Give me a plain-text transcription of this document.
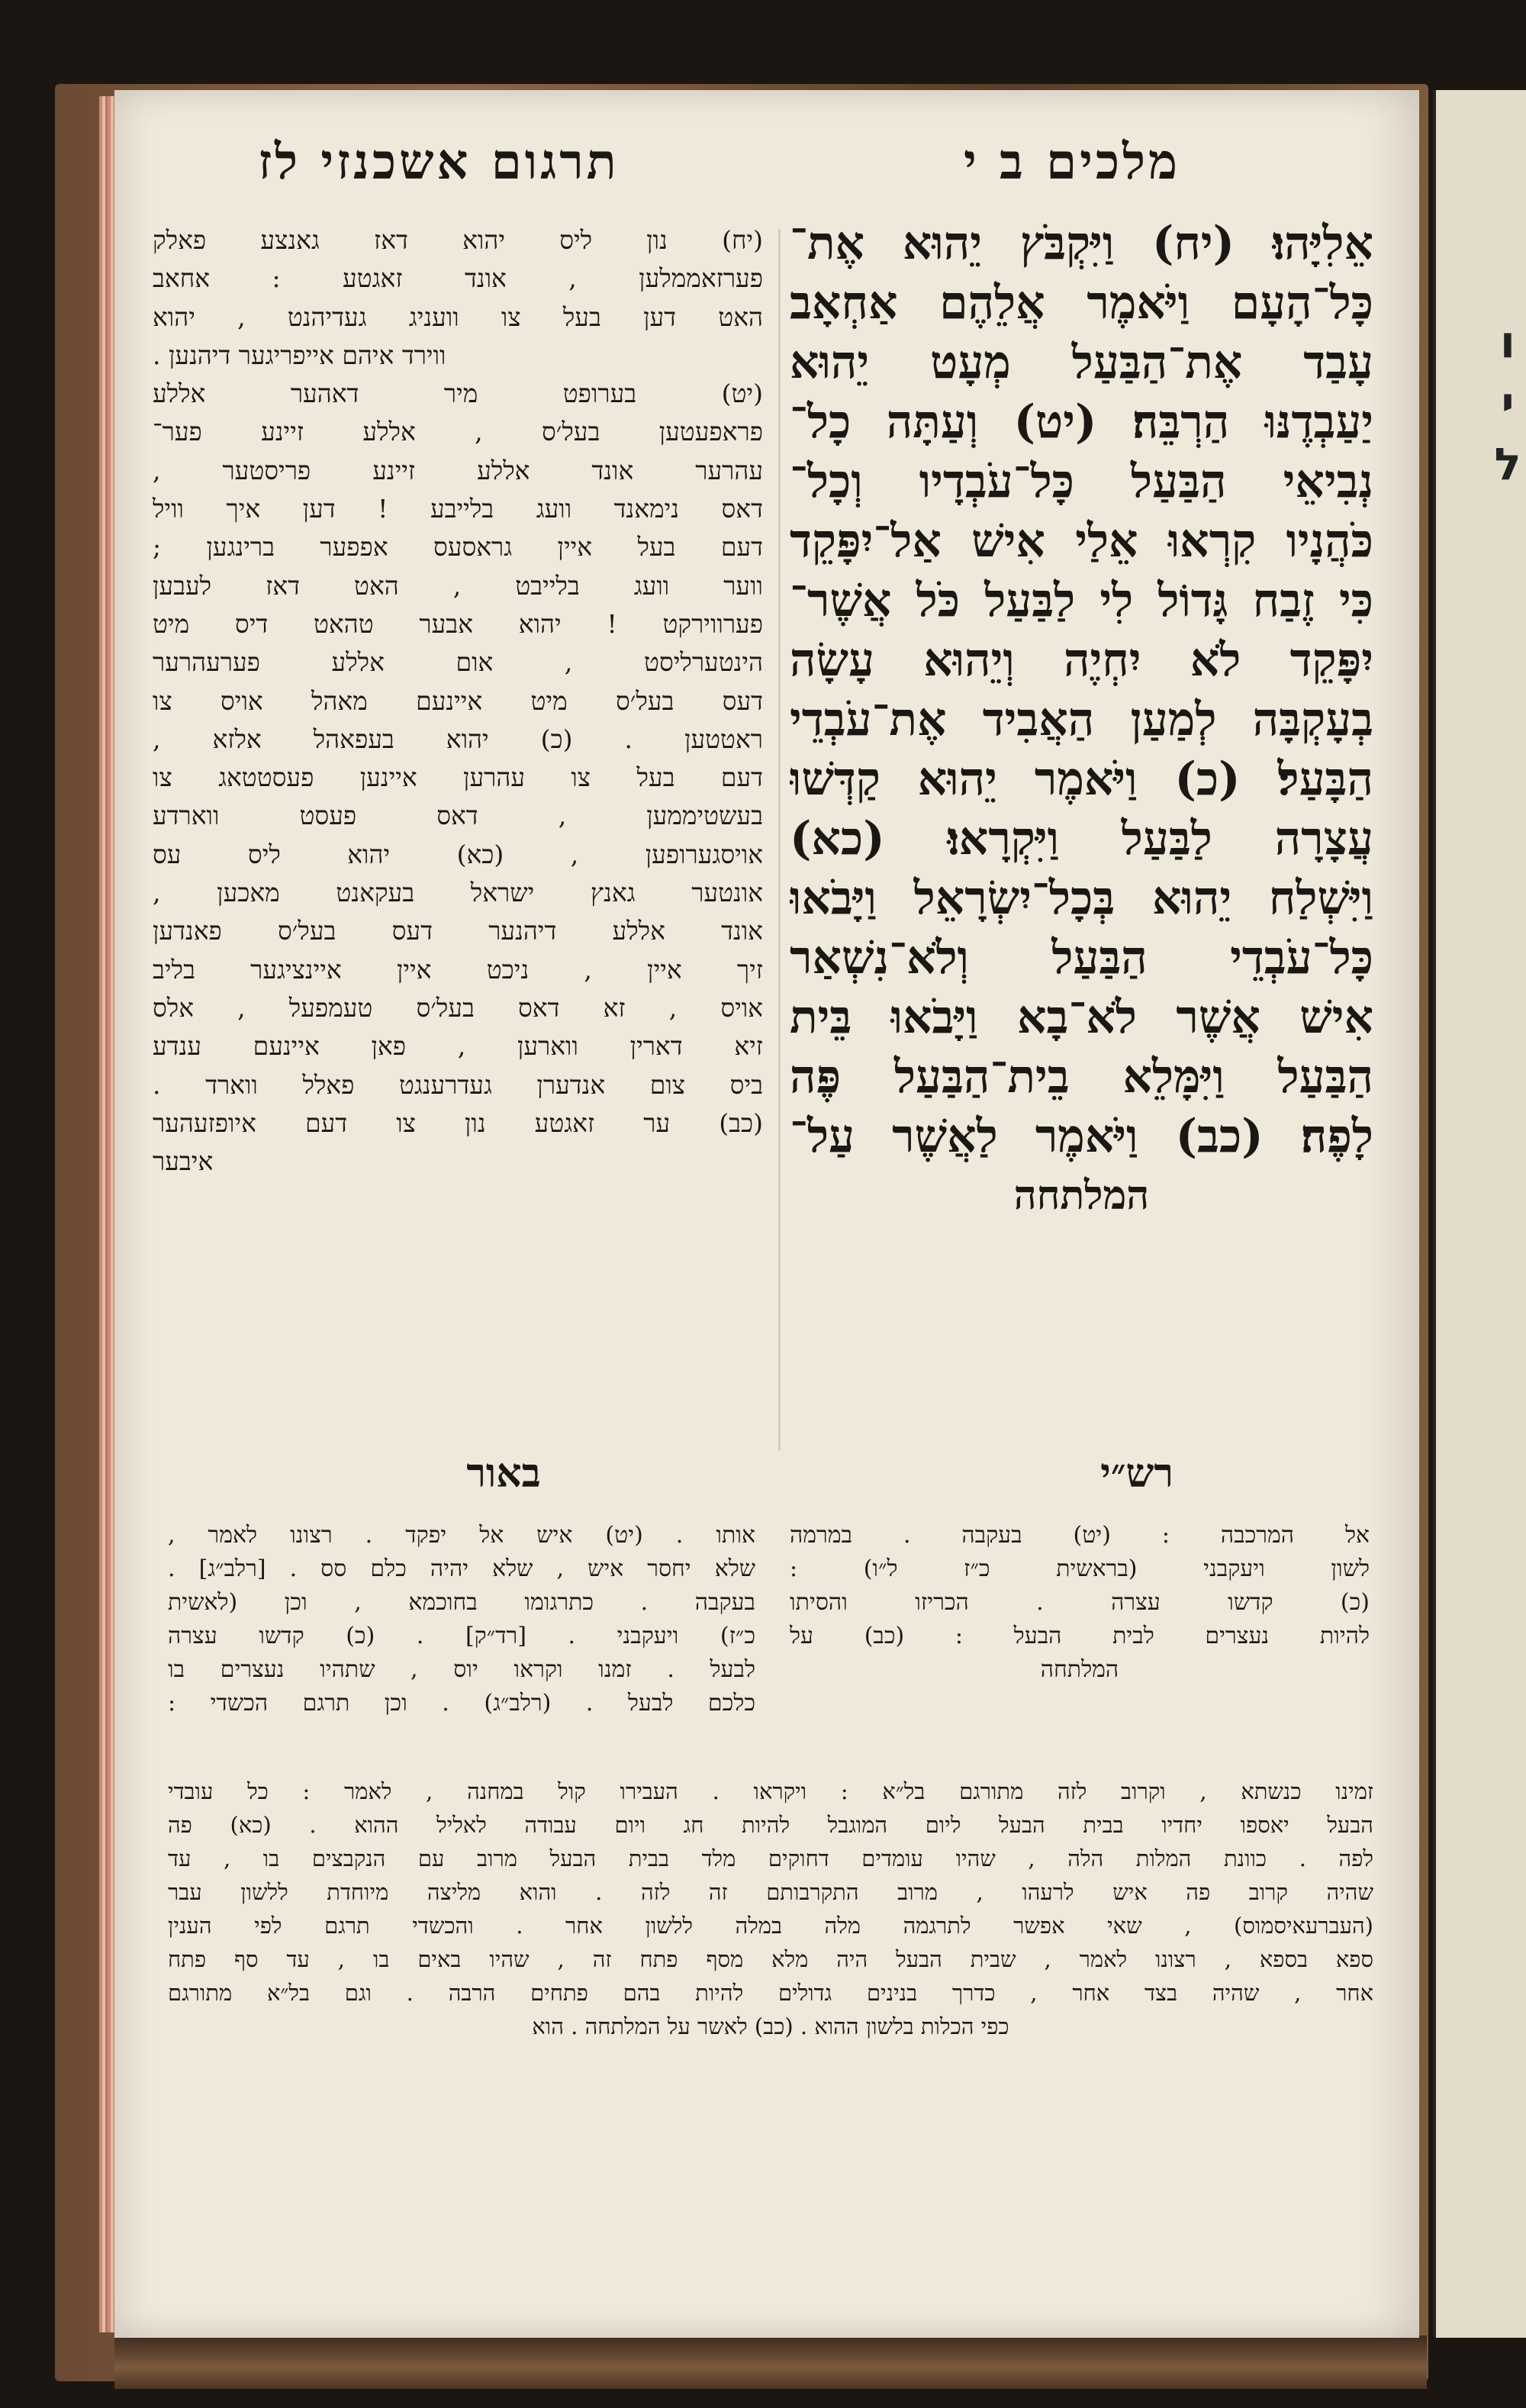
ו
י
ל
תרגום אשכנזי לז	מלכים ב י

אֵלִיָּהוּ׃ (יח) וַיִּקְבֹּץ יֵהוּא אֶת־

כָּל־הָעָם וַיֹּאמֶר אֲלֵהֶם אַחְאָב

עָבַד אֶת־הַבַּעַל מְעָט יֵהוּא

יַעַבְדֶנּוּ הַרְבֵּה׃ (יט) וְעַתָּה כָל־

נְבִיאֵי הַבַּעַל כָּל־עֹבְדָיו וְכָל־

כֹּהֲנָיו קִרְאוּ אֵלַי אִישׁ אַל־יִפָּקֵד

כִּי זֶבַח גָּדוֹל לִי לַבַּעַל כֹּל אֲשֶׁר־

יִפָּקֵד לֹא יִחְיֶה וְיֵהוּא עָשָׂה

בְעָקְבָּה לְמַעַן הַאֲבִיד אֶת־עֹבְדֵי

הַבָּעַל׃ (כ) וַיֹּאמֶר יֵהוּא קַדְּשׁוּ

עֲצָרָה לַבַּעַל וַיִּקְרָאוּ׃ (כא)

וַיִּשְׁלַח יֵהוּא בְּכָל־יִשְׂרָאֵל וַיָּבֹאוּ

כָּל־עֹבְדֵי הַבַּעַל וְלֹא־נִשְׁאַר

אִישׁ אֲשֶׁר לֹא־בָא וַיָּבֹאוּ בֵּית

הַבַּעַל וַיִּמָּלֵא בֵית־הַבַּעַל פֶּה

לָפֶה׃ (כב) וַיֹּאמֶר לַאֲשֶׁר עַל־

המלתחה

(יח) נון ליס יהוא דאז גאנצע פאלק

פערזאממלען , אונד זאגטע : אחאב

האט דען בעל צו וועניג געדיהנט , יהוא

ווירד איהם אייפריגער דיהנען .

(יט) בערופט מיר דאהער אללע

פראפעטען בעל׳ס , אללע זיינע פער־

עהרער אונד אללע זיינע פריסטער ,

דאס נימאנד וועג בלייבע ! דען איך וויל

דעם בעל איין גראסעס אפפער ברינגען ;

ווער וועג בלייבט , האט דאז לעבען

פערווירקט ! יהוא אבער טהאט דיס מיט

הינטערליסט , אום אללע פערעהרער

דעס בעל׳ס מיט איינעם מאהל אויס צו

ראטטען . (כ) יהוא בעפאהל אלזא ,

דעם בעל צו עהרען איינען פעסטטאג צו

בעשטיממען , דאס פעסט ווארדע

אויסגערופען , (כא) יהוא ליס עס

אונטער גאנץ ישראל בעקאנט מאכען ,

אונד אללע דיהנער דעס בעל׳ס פאנדען

זיך איין , ניכט איין איינציגער בליב

אויס , זא דאס בעל׳ס טעמפעל , אלס

זיא דארין ווארען , פאן איינעם ענדע

ביס צום אנדערן געדרענגט פאלל ווארד .

(כב) ער זאגטע נון צו דעם איופזעהער

איבער

באור	רש״י

אותו . (יט) איש אל יפקד . רצונו לאמר ,

שלא יחסר איש , שלא יהיה כלם סס . [רלב״ג] .

בעקבה . כתרגומו בחוכמא , וכן (לאשית

כ״ז) ויעקבני . [רד״ק] . (כ) קדשו עצרה

לבעל . זמנו וקראו יוס , שתהיו נעצרים בו

כלכם לבעל . (רלב״ג) . וכן תרגם הכשדי :

אל המרכבה : (יט) בעקבה . במרמה

לשון ויעקבני (בראשית כ״ז ל״ו) :

(כ) קדשו עצרה . הכריזו והסיתו

להיות נעצרים לבית הבעל : (כב) על

המלתחה

זמינו כנשתא , וקרוב לזה מתורגם בל״א : ויקראו . העבירו קול במחנה , לאמר : כל עובדי

הבעל יאספו יחדיו בבית הבעל ליום המוגבל להיות חג ויום עבודה לאליל ההוא . (כא) פה

לפה . כוונת המלות הלה , שהיו עומדים דחוקים מלד בבית הבעל מרוב עם הנקבצים בו , עד

שהיה קרוב פה איש לרעהו , מרוב התקרבותם זה לזה . והוא מליצה מיוחדת ללשון עבר

(העברעאיסמוס) , שאי אפשר לתרגמה מלה במלה ללשון אחר . והכשדי תרגם לפי הענין

ספא בספא , רצונו לאמר , שבית הבעל היה מלא מסף פתח זה , שהיו באים בו , עד סף פתח

אחר , שהיה בצד אחר , כדרך בנינים גדולים להיות בהם פתחים הרבה . וגם בל״א מתורגם

כפי הכלות בלשון ההוא . (כב) לאשר על המלתחה . הוא
